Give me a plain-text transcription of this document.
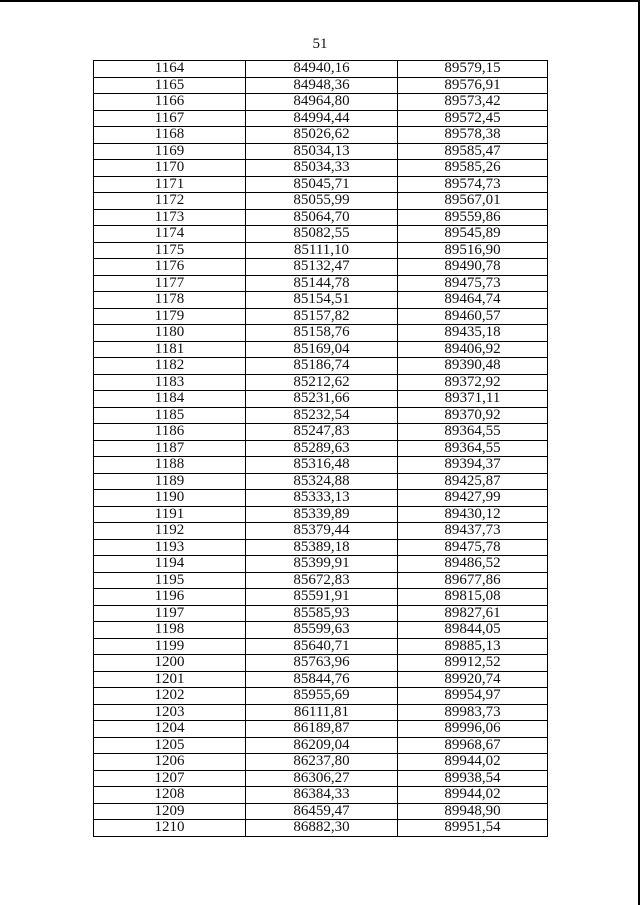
51
1164	84940,16	89579,15
1165	84948,36	89576,91
1166	84964,80	89573,42
1167	84994,44	89572,45
1168	85026,62	89578,38
1169	85034,13	89585,47
1170	85034,33	89585,26
1171	85045,71	89574,73
1172	85055,99	89567,01
1173	85064,70	89559,86
1174	85082,55	89545,89
1175	85111,10	89516,90
1176	85132,47	89490,78
1177	85144,78	89475,73
1178	85154,51	89464,74
1179	85157,82	89460,57
1180	85158,76	89435,18
1181	85169,04	89406,92
1182	85186,74	89390,48
1183	85212,62	89372,92
1184	85231,66	89371,11
1185	85232,54	89370,92
1186	85247,83	89364,55
1187	85289,63	89364,55
1188	85316,48	89394,37
1189	85324,88	89425,87
1190	85333,13	89427,99
1191	85339,89	89430,12
1192	85379,44	89437,73
1193	85389,18	89475,78
1194	85399,91	89486,52
1195	85672,83	89677,86
1196	85591,91	89815,08
1197	85585,93	89827,61
1198	85599,63	89844,05
1199	85640,71	89885,13
1200	85763,96	89912,52
1201	85844,76	89920,74
1202	85955,69	89954,97
1203	86111,81	89983,73
1204	86189,87	89996,06
1205	86209,04	89968,67
1206	86237,80	89944,02
1207	86306,27	89938,54
1208	86384,33	89944,02
1209	86459,47	89948,90
1210	86882,30	89951,54
